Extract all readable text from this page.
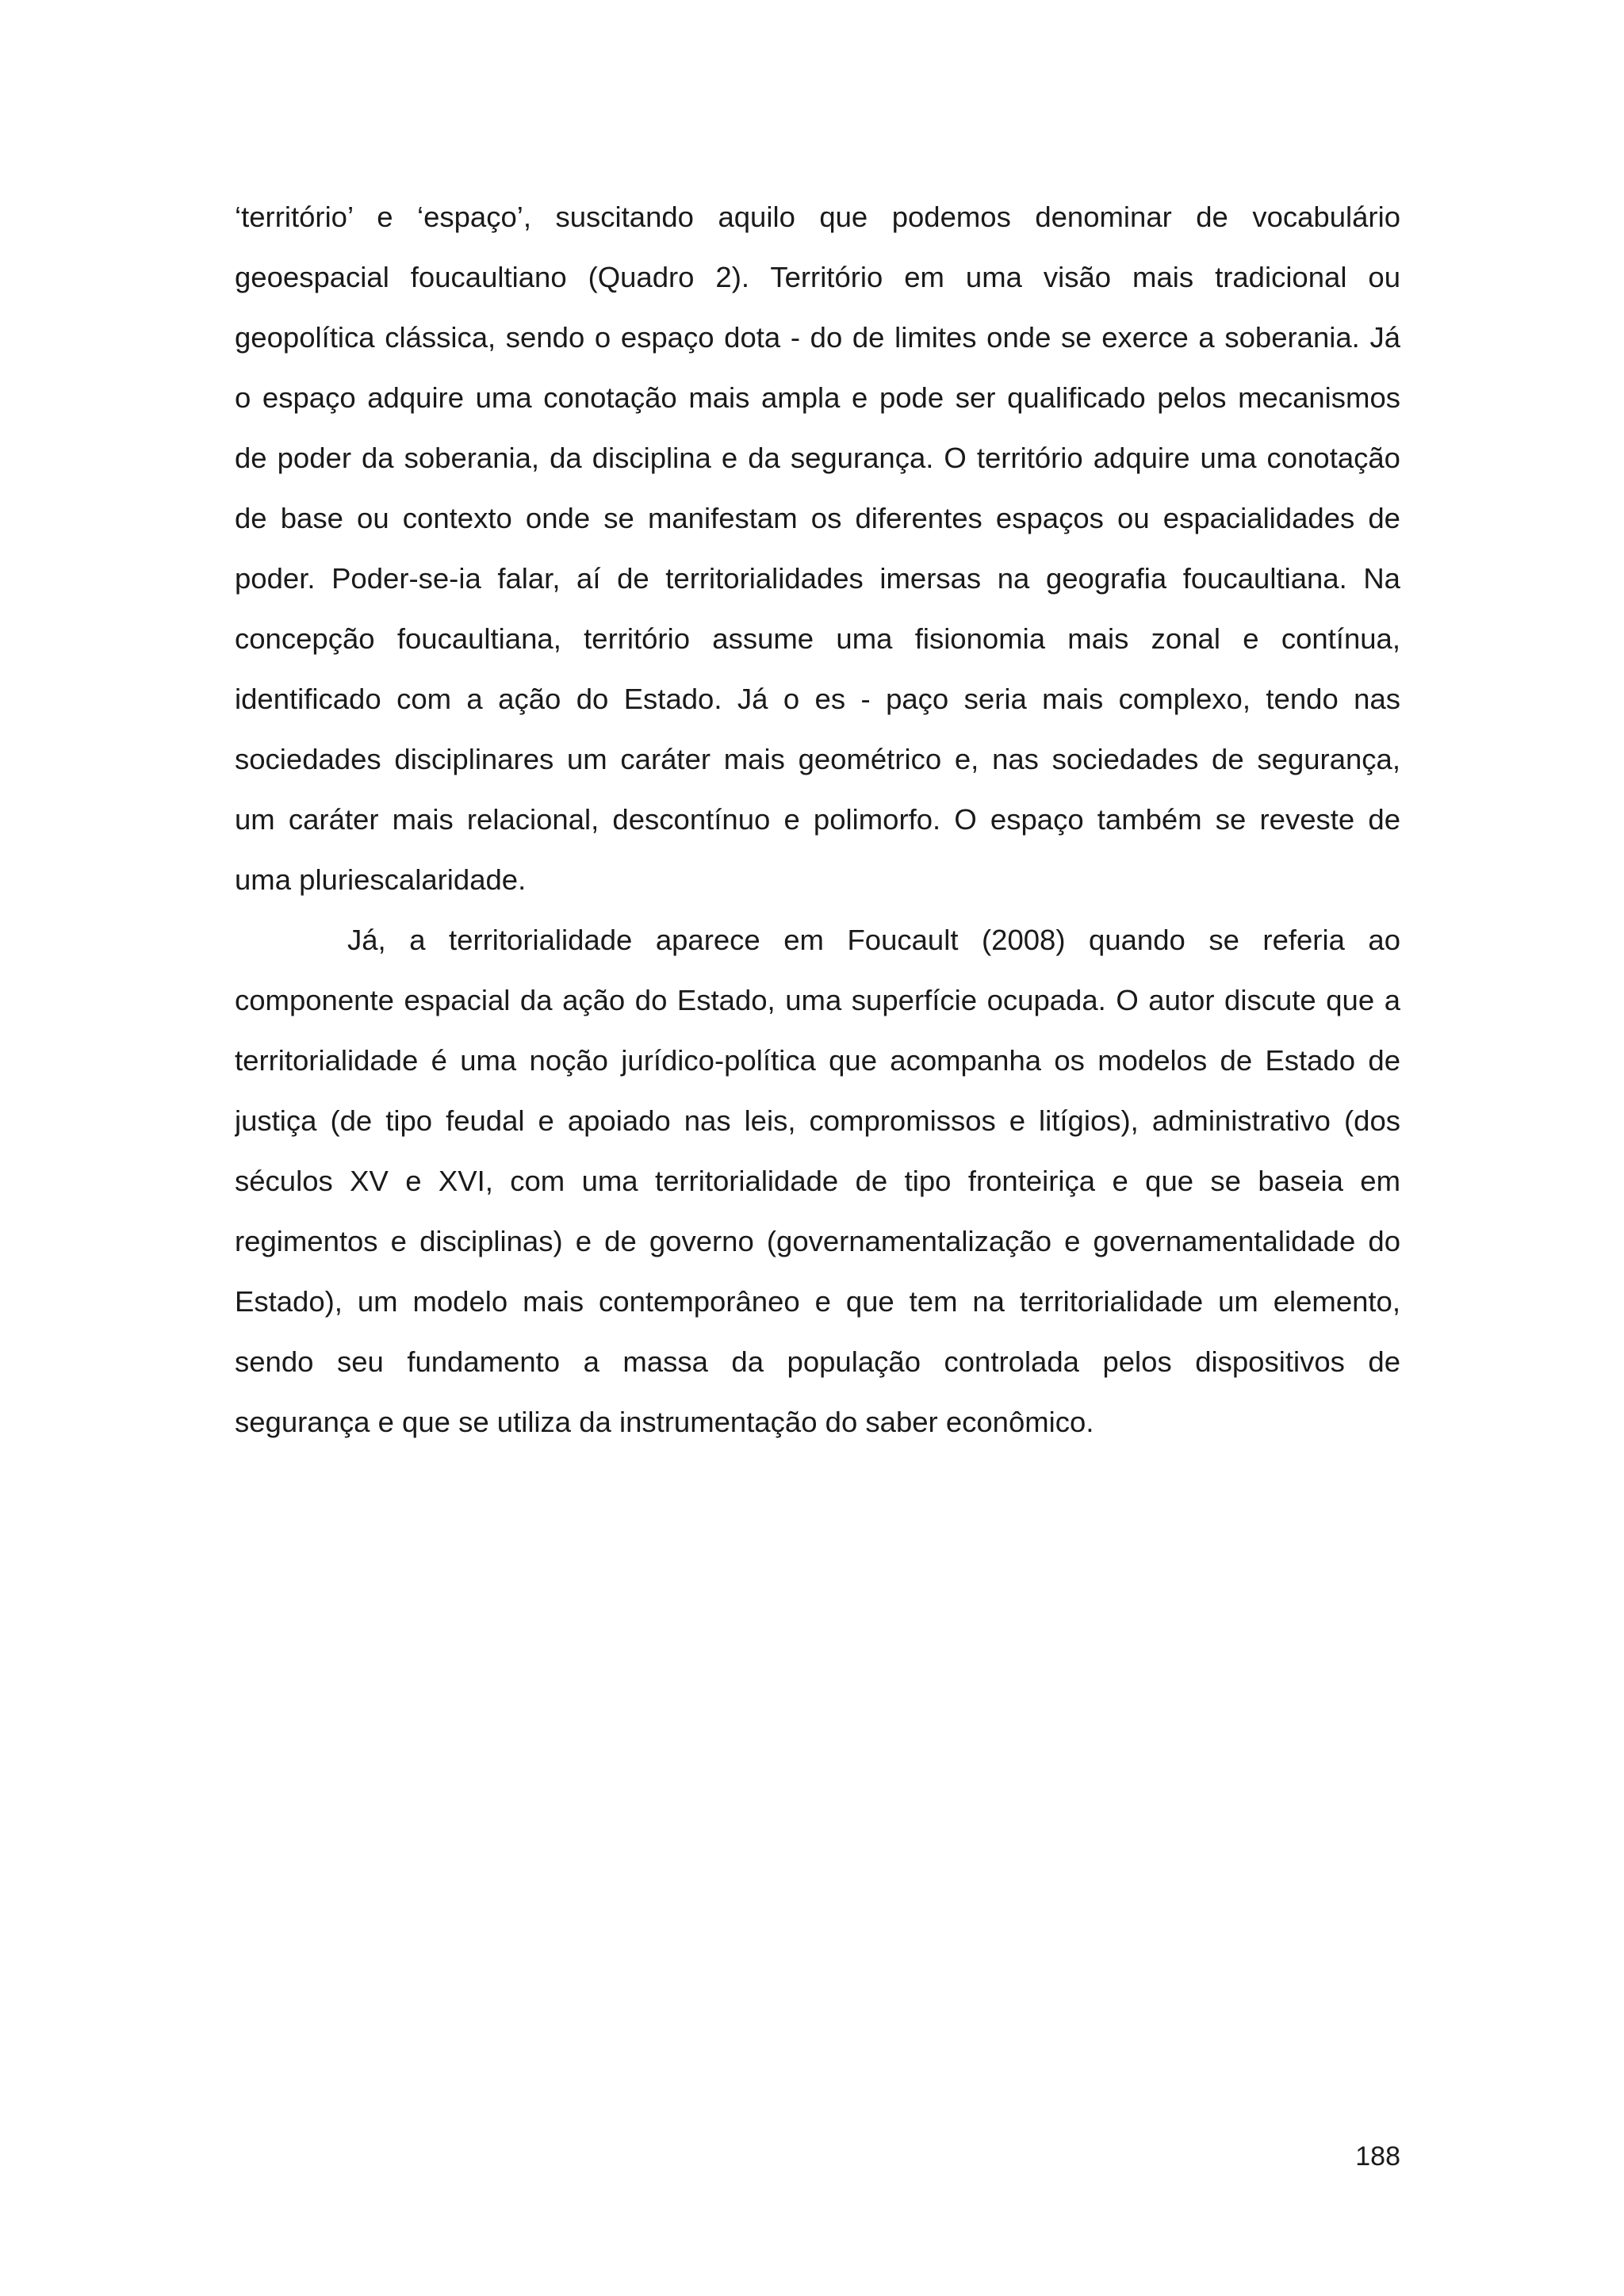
‘território’ e ‘espaço’, suscitando aquilo que podemos denominar de vocabulário
geoespacial foucaultiano (Quadro 2). Território em uma visão mais tradicional ou
geopolítica clássica, sendo o espaço dota - do de limites onde se exerce a soberania. Já
o espaço adquire uma conotação mais ampla e pode ser qualificado pelos mecanismos
de poder da soberania, da disciplina e da segurança. O território adquire uma conotação
de base ou contexto onde se manifestam os diferentes espaços ou espacialidades de
poder. Poder-se-ia falar, aí de territorialidades imersas na geografia foucaultiana. Na
concepção foucaultiana, território assume uma fisionomia mais zonal e contínua,
identificado com a ação do Estado. Já o es - paço seria mais complexo, tendo nas
sociedades disciplinares um caráter mais geométrico e, nas sociedades de segurança,
um caráter mais relacional, descontínuo e polimorfo. O espaço também se reveste de
uma pluriescalaridade.
Já, a territorialidade aparece em Foucault (2008) quando se referia ao
componente espacial da ação do Estado, uma superfície ocupada. O autor discute que a
territorialidade é uma noção jurídico-política que acompanha os modelos de Estado de
justiça (de tipo feudal e apoiado nas leis, compromissos e litígios), administrativo (dos
séculos XV e XVI, com uma territorialidade de tipo fronteiriça e que se baseia em
regimentos e disciplinas) e de governo (governamentalização e governamentalidade do
Estado), um modelo mais contemporâneo e que tem na territorialidade um elemento,
sendo seu fundamento a massa da população controlada pelos dispositivos de
segurança e que se utiliza da instrumentação do saber econômico.
188
